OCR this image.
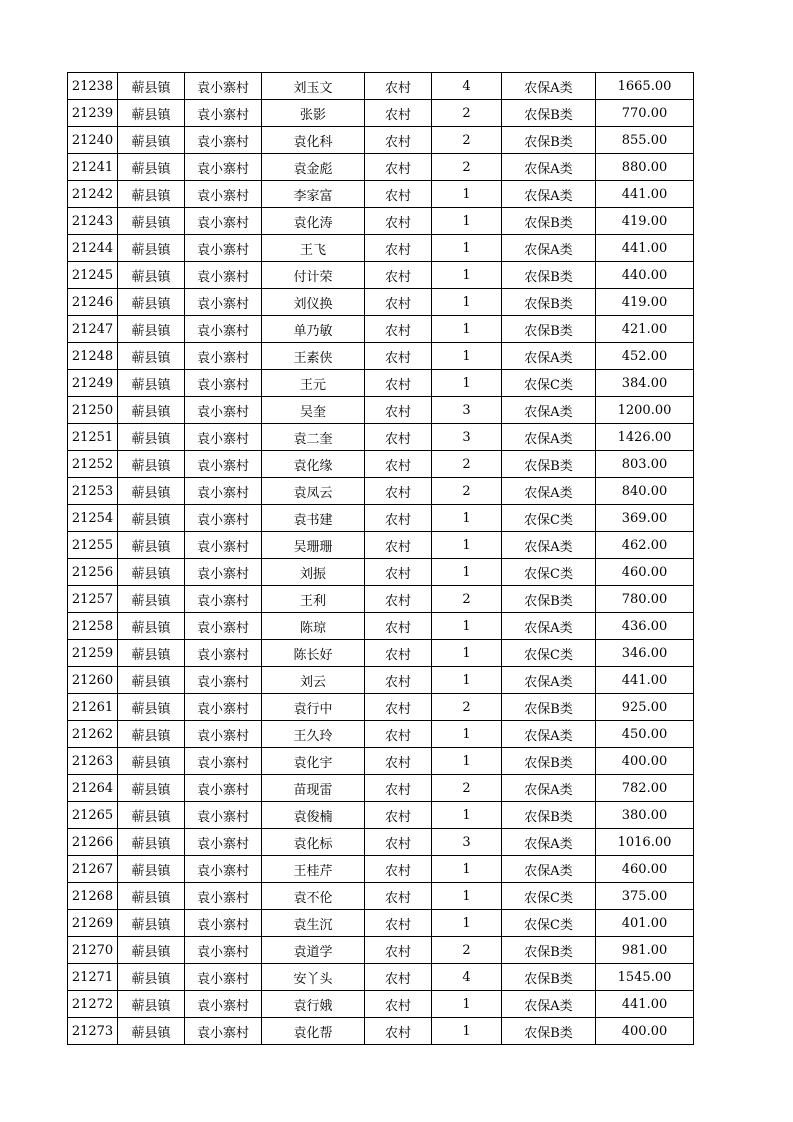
21238	蕲县镇	袁小寨村	刘玉文	农村	4	农保A类	1665.00
21239	蕲县镇	袁小寨村	张影	农村	2	农保B类	770.00
21240	蕲县镇	袁小寨村	袁化科	农村	2	农保B类	855.00
21241	蕲县镇	袁小寨村	袁金彪	农村	2	农保A类	880.00
21242	蕲县镇	袁小寨村	李家富	农村	1	农保A类	441.00
21243	蕲县镇	袁小寨村	袁化涛	农村	1	农保B类	419.00
21244	蕲县镇	袁小寨村	王飞	农村	1	农保A类	441.00
21245	蕲县镇	袁小寨村	付计荣	农村	1	农保B类	440.00
21246	蕲县镇	袁小寨村	刘仪换	农村	1	农保B类	419.00
21247	蕲县镇	袁小寨村	单乃敏	农村	1	农保B类	421.00
21248	蕲县镇	袁小寨村	王素侠	农村	1	农保A类	452.00
21249	蕲县镇	袁小寨村	王元	农村	1	农保C类	384.00
21250	蕲县镇	袁小寨村	吴奎	农村	3	农保A类	1200.00
21251	蕲县镇	袁小寨村	袁二奎	农村	3	农保A类	1426.00
21252	蕲县镇	袁小寨村	袁化缘	农村	2	农保B类	803.00
21253	蕲县镇	袁小寨村	袁凤云	农村	2	农保A类	840.00
21254	蕲县镇	袁小寨村	袁书建	农村	1	农保C类	369.00
21255	蕲县镇	袁小寨村	吴珊珊	农村	1	农保A类	462.00
21256	蕲县镇	袁小寨村	刘振	农村	1	农保C类	460.00
21257	蕲县镇	袁小寨村	王利	农村	2	农保B类	780.00
21258	蕲县镇	袁小寨村	陈琼	农村	1	农保A类	436.00
21259	蕲县镇	袁小寨村	陈长好	农村	1	农保C类	346.00
21260	蕲县镇	袁小寨村	刘云	农村	1	农保A类	441.00
21261	蕲县镇	袁小寨村	袁行中	农村	2	农保B类	925.00
21262	蕲县镇	袁小寨村	王久玲	农村	1	农保A类	450.00
21263	蕲县镇	袁小寨村	袁化宇	农村	1	农保B类	400.00
21264	蕲县镇	袁小寨村	苗现雷	农村	2	农保A类	782.00
21265	蕲县镇	袁小寨村	袁俊楠	农村	1	农保B类	380.00
21266	蕲县镇	袁小寨村	袁化标	农村	3	农保A类	1016.00
21267	蕲县镇	袁小寨村	王桂芹	农村	1	农保A类	460.00
21268	蕲县镇	袁小寨村	袁不伦	农村	1	农保C类	375.00
21269	蕲县镇	袁小寨村	袁生沉	农村	1	农保C类	401.00
21270	蕲县镇	袁小寨村	袁道学	农村	2	农保B类	981.00
21271	蕲县镇	袁小寨村	安丫头	农村	4	农保B类	1545.00
21272	蕲县镇	袁小寨村	袁行娥	农村	1	农保A类	441.00
21273	蕲县镇	袁小寨村	袁化帮	农村	1	农保B类	400.00
